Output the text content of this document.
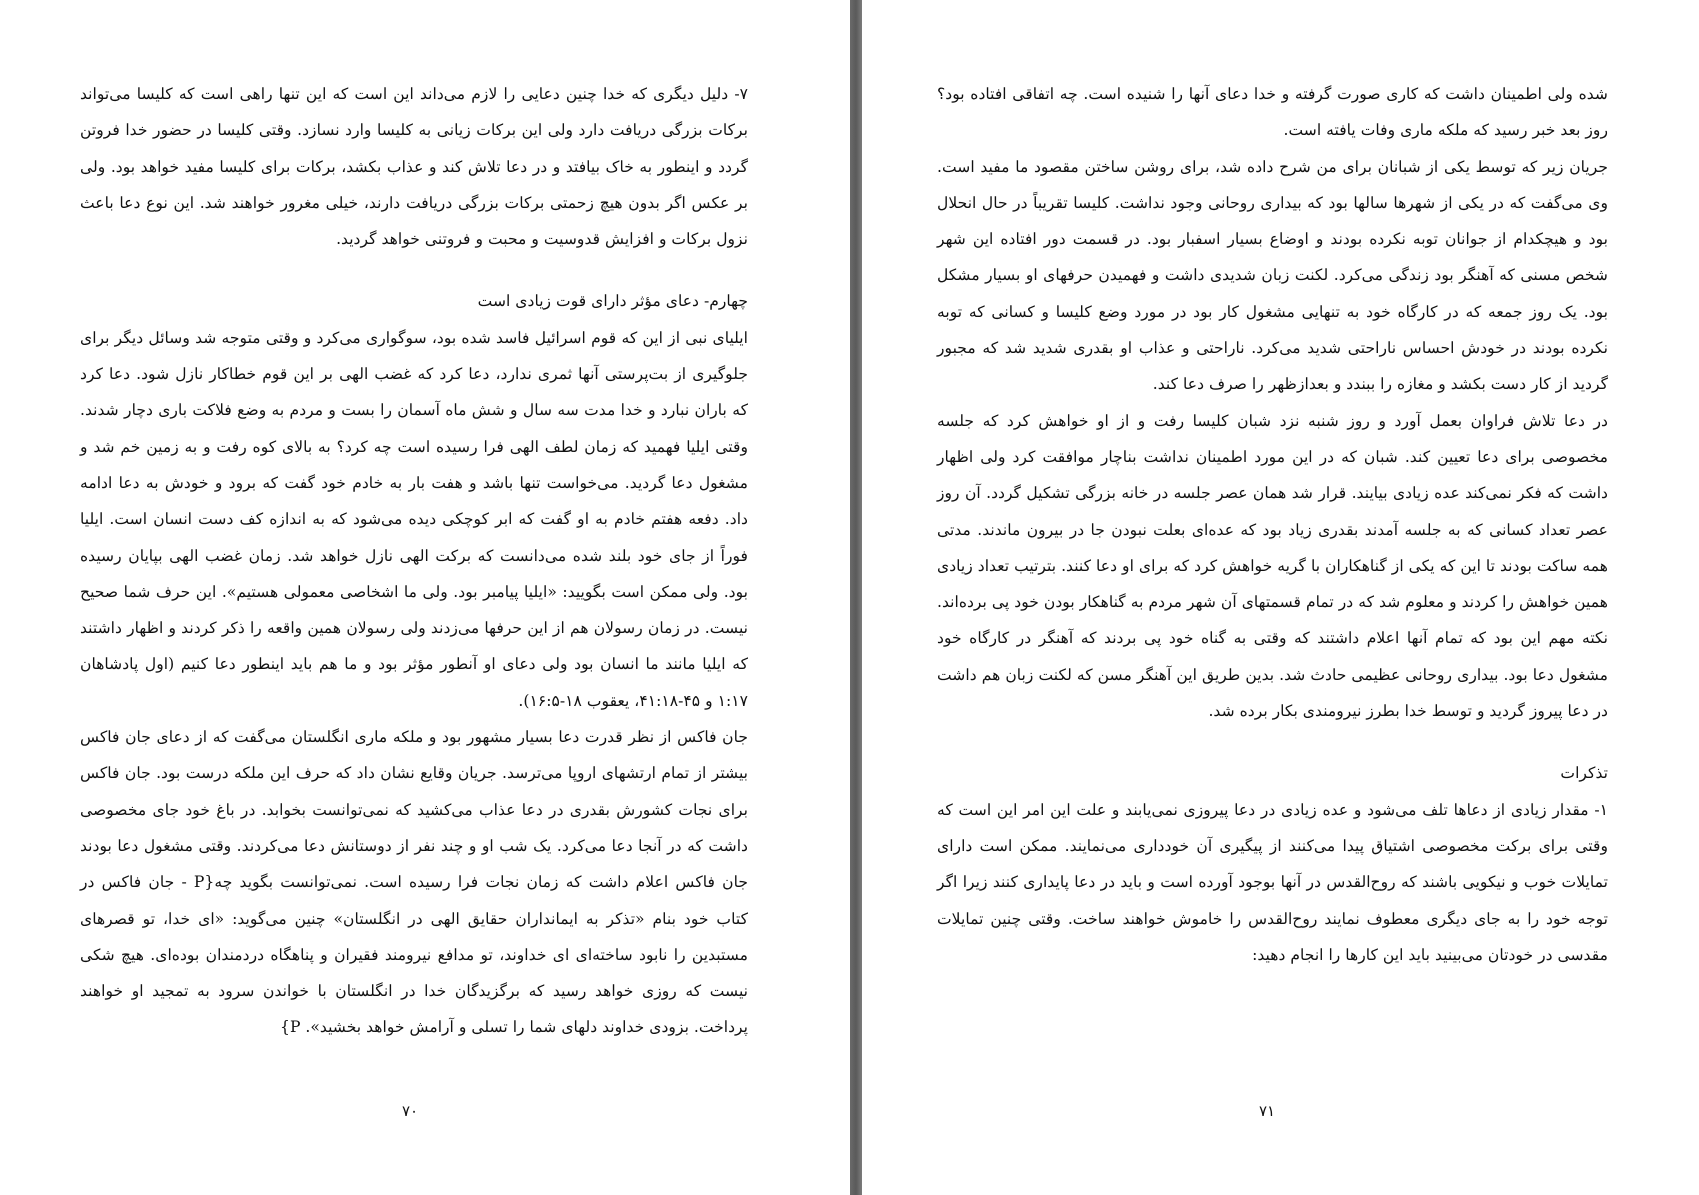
۷- دلیل دیگری که خدا چنین دعایی را لازم می‌داند این است که این تنها راهی است که کلیسا می‌تواند برکات بزرگی دریافت دارد ولی این برکات زیانی به کلیسا وارد نسازد. وقتی کلیسا در حضور خدا فروتن گردد و اینطور به خاک بیافتد و در دعا تلاش کند و عذاب بکشد، برکات برای کلیسا مفید خواهد بود. ولی بر عکس اگر بدون هیچ زحمتی برکات بزرگی دریافت دارند، خیلی مغرور خواهند شد. این نوع دعا باعث نزول برکات و افزایش قدوسیت و محبت و فروتنی خواهد گردید.

چهارم- دعای مؤثر دارای قوت زیادی است

ایلیای نبی از این که قوم اسرائیل فاسد شده بود، سوگواری می‌کرد و وقتی متوجه شد وسائل دیگر برای جلوگیری از بت‌پرستی آنها ثمری ندارد، دعا کرد که غضب الهی بر این قوم خطاکار نازل شود. دعا کرد که باران نبارد و خدا مدت سه سال و شش ماه آسمان را بست و مردم به وضع فلاکت باری دچار شدند. وقتی ایلیا فهمید که زمان لطف الهی فرا رسیده است چه کرد؟ به بالای کوه رفت و به زمین خم شد و مشغول دعا گردید. می‌خواست تنها باشد و هفت بار به خادم خود گفت که برود و خودش به دعا ادامه داد. دفعه هفتم خادم به او گفت که ابر کوچکی دیده می‌شود که به اندازه کف دست انسان است. ایلیا فوراً از جای خود بلند شده می‌دانست که برکت الهی نازل خواهد شد. زمان غضب الهی بپایان رسیده بود. ولی ممکن است بگویید: «ایلیا پیامبر بود. ولی ما اشخاصی معمولی هستیم». این حرف شما صحیح نیست. در زمان رسولان هم از این حرفها می‌زدند ولی رسولان همین واقعه را ذکر کردند و اظهار داشتند که ایلیا مانند ما انسان بود ولی دعای او آنطور مؤثر بود و ما هم باید اینطور دعا کنیم (اول پادشاهان ۱:۱۷ و ۴۵-۴۱:۱۸، یعقوب ۱۸-۱۶:۵).

جان فاکس از نظر قدرت دعا بسیار مشهور بود و ملکه ماری انگلستان می‌گفت که از دعای جان فاکس بیشتر از تمام ارتشهای اروپا می‌ترسد. جریان وقایع نشان داد که حرف این ملکه درست بود. جان فاکس برای نجات کشورش بقدری در دعا عذاب می‌کشید که نمی‌توانست بخوابد. در باغ خود جای مخصوصی داشت که در آنجا دعا می‌کرد. یک شب او و چند نفر از دوستانش دعا می‌کردند. وقتی مشغول دعا بودند جان فاکس اعلام داشت که زمان نجات فرا رسیده است. نمی‌توانست بگوید چه{P - جان فاکس در کتاب خود بنام «تذکر به ایمانداران حقایق الهی در انگلستان» چنین می‌گوید: «ای خدا، تو قصرهای مستبدین را نابود ساخته‌ای ای خداوند، تو مدافع نیرومند فقیران و پناهگاه دردمندان بوده‌ای. هیچ شکی نیست که روزی خواهد رسید که برگزیدگان خدا در انگلستان با خواندن سرود به تمجید او خواهند پرداخت. بزودی خداوند دلهای شما را تسلی و آرامش خواهد بخشید». P}

۷۰

شده ولی اطمینان داشت که کاری صورت گرفته و خدا دعای آنها را شنیده است. چه اتفاقی افتاده بود؟ روز بعد خبر رسید که ملکه ماری وفات یافته است.

جریان زیر که توسط یکی از شبانان برای من شرح داده شد، برای روشن ساختن مقصود ما مفید است. وی می‌گفت که در یکی از شهرها سالها بود که بیداری روحانی وجود نداشت. کلیسا تقریباً در حال انحلال بود و هیچکدام از جوانان توبه نکرده بودند و اوضاع بسیار اسفبار بود. در قسمت دور افتاده این شهر شخص مسنی که آهنگر بود زندگی می‌کرد. لکنت زبان شدیدی داشت و فهمیدن حرفهای او بسیار مشکل بود. یک روز جمعه که در کارگاه خود به تنهایی مشغول کار بود در مورد وضع کلیسا و کسانی که توبه نکرده بودند در خودش احساس ناراحتی شدید می‌کرد. ناراحتی و عذاب او بقدری شدید شد که مجبور گردید از کار دست بکشد و مغازه را ببندد و بعدازظهر را صرف دعا کند.

در دعا تلاش فراوان بعمل آورد و روز شنبه نزد شبان کلیسا رفت و از او خواهش کرد که جلسه مخصوصی برای دعا تعیین کند. شبان که در این مورد اطمینان نداشت بناچار موافقت کرد ولی اظهار داشت که فکر نمی‌کند عده زیادی بیایند. قرار شد همان عصر جلسه در خانه بزرگی تشکیل گردد. آن روز عصر تعداد کسانی که به جلسه آمدند بقدری زیاد بود که عده‌ای بعلت نبودن جا در بیرون ماندند. مدتی همه ساکت بودند تا این که یکی از گناهکاران با گریه خواهش کرد که برای او دعا کنند. بترتیب تعداد زیادی همین خواهش را کردند و معلوم شد که در تمام قسمتهای آن شهر مردم به گناهکار بودن خود پی برده‌اند. نکته مهم این بود که تمام آنها اعلام داشتند که وقتی به گناه خود پی بردند که آهنگر در کارگاه خود مشغول دعا بود. بیداری روحانی عظیمی حادث شد. بدین طریق این آهنگر مسن که لکنت زبان هم داشت در دعا پیروز گردید و توسط خدا بطرز نیرومندی بکار برده شد.

تذکرات

۱- مقدار زیادی از دعاها تلف می‌شود و عده زیادی در دعا پیروزی نمی‌یابند و علت این امر این است که وقتی برای برکت مخصوصی اشتیاق پیدا می‌کنند از پیگیری آن خودداری می‌نمایند. ممکن است دارای تمایلات خوب و نیکویی باشند که روح‌القدس در آنها بوجود آورده است و باید در دعا پایداری کنند زیرا اگر توجه خود را به جای دیگری معطوف نمایند روح‌القدس را خاموش خواهند ساخت. وقتی چنین تمایلات مقدسی در خودتان می‌بینید باید این کارها را انجام دهید:

۷۱
